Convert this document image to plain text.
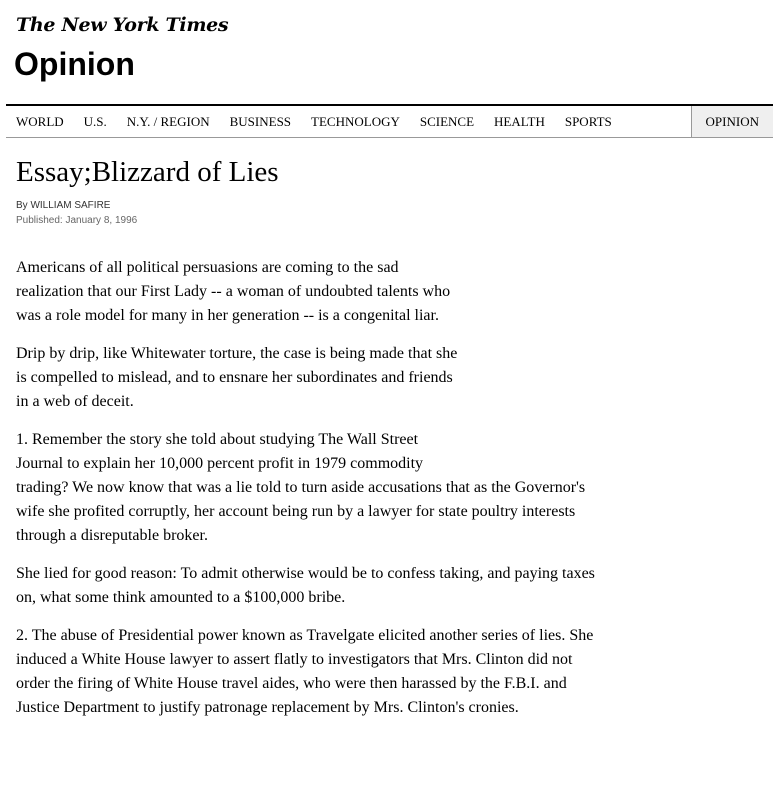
The New York Times
Opinion
WORLD	U.S.	N.Y. / REGION	BUSINESS	TECHNOLOGY	SCIENCE	HEALTH	SPORTS	OPINION
Essay;Blizzard of Lies
By WILLIAM SAFIRE
Published: January 8, 1996

Americans of all political persuasions are coming to the sad
realization that our First Lady -- a woman of undoubted talents who
was a role model for many in her generation -- is a congenital liar.

Drip by drip, like Whitewater torture, the case is being made that she
is compelled to mislead, and to ensnare her subordinates and friends
in a web of deceit.

1. Remember the story she told about studying The Wall Street
Journal to explain her 10,000 percent profit in 1979 commodity
trading? We now know that was a lie told to turn aside accusations that as the Governor's
wife she profited corruptly, her account being run by a lawyer for state poultry interests
through a disreputable broker.

She lied for good reason: To admit otherwise would be to confess taking, and paying taxes
on, what some think amounted to a $100,000 bribe.

2. The abuse of Presidential power known as Travelgate elicited another series of lies. She
induced a White House lawyer to assert flatly to investigators that Mrs. Clinton did not
order the firing of White House travel aides, who were then harassed by the F.B.I. and
Justice Department to justify patronage replacement by Mrs. Clinton's cronies.
